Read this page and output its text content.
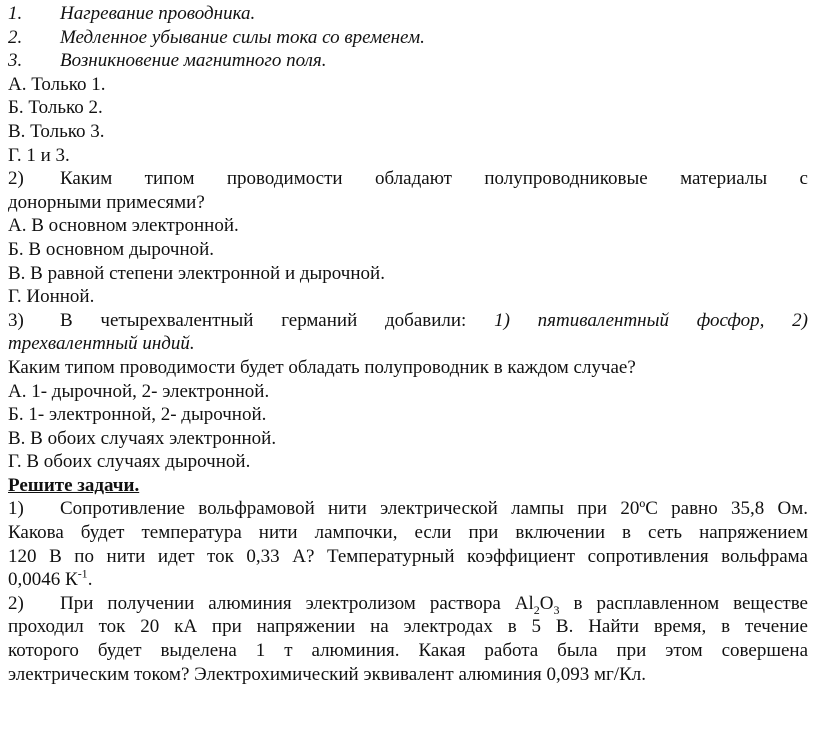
1. Нагревание проводника.
2. Медленное убывание силы тока со временем.
3. Возникновение магнитного поля.
А. Только 1.
Б. Только 2.
В. Только 3.
Г. 1 и 3.
2) Каким типом проводимости обладают полупроводниковые материалы с
донорными примесями?
А. В основном электронной.
Б. В основном дырочной.
В. В равной степени электронной и дырочной.
Г. Ионной.
3) В четырехвалентный германий добавили: 1) пятивалентный фосфор, 2)
трехвалентный индий.
Каким типом проводимости будет обладать полупроводник в каждом случае?
А. 1- дырочной, 2- электронной.
Б. 1- электронной, 2- дырочной.
В. В обоих случаях электронной.
Г. В обоих случаях дырочной.
Решите задачи.
1) Сопротивление вольфрамовой нити электрической лампы при 20ºС равно 35,8 Ом.
Какова будет температура нити лампочки, если при включении в сеть напряжением
120 В по нити идет ток 0,33 А? Температурный коэффициент сопротивления вольфрама
0,0046 $К^{-1}$.
2) При получении алюминия электролизом раствора $Al_2O_3$ в расплавленном веществе
проходил ток 20 кА при напряжении на электродах в 5 В. Найти время, в течение
которого будет выделена 1 т алюминия. Какая работа была при этом совершена
электрическим током? Электрохимический эквивалент алюминия 0,093 мг/Кл.
